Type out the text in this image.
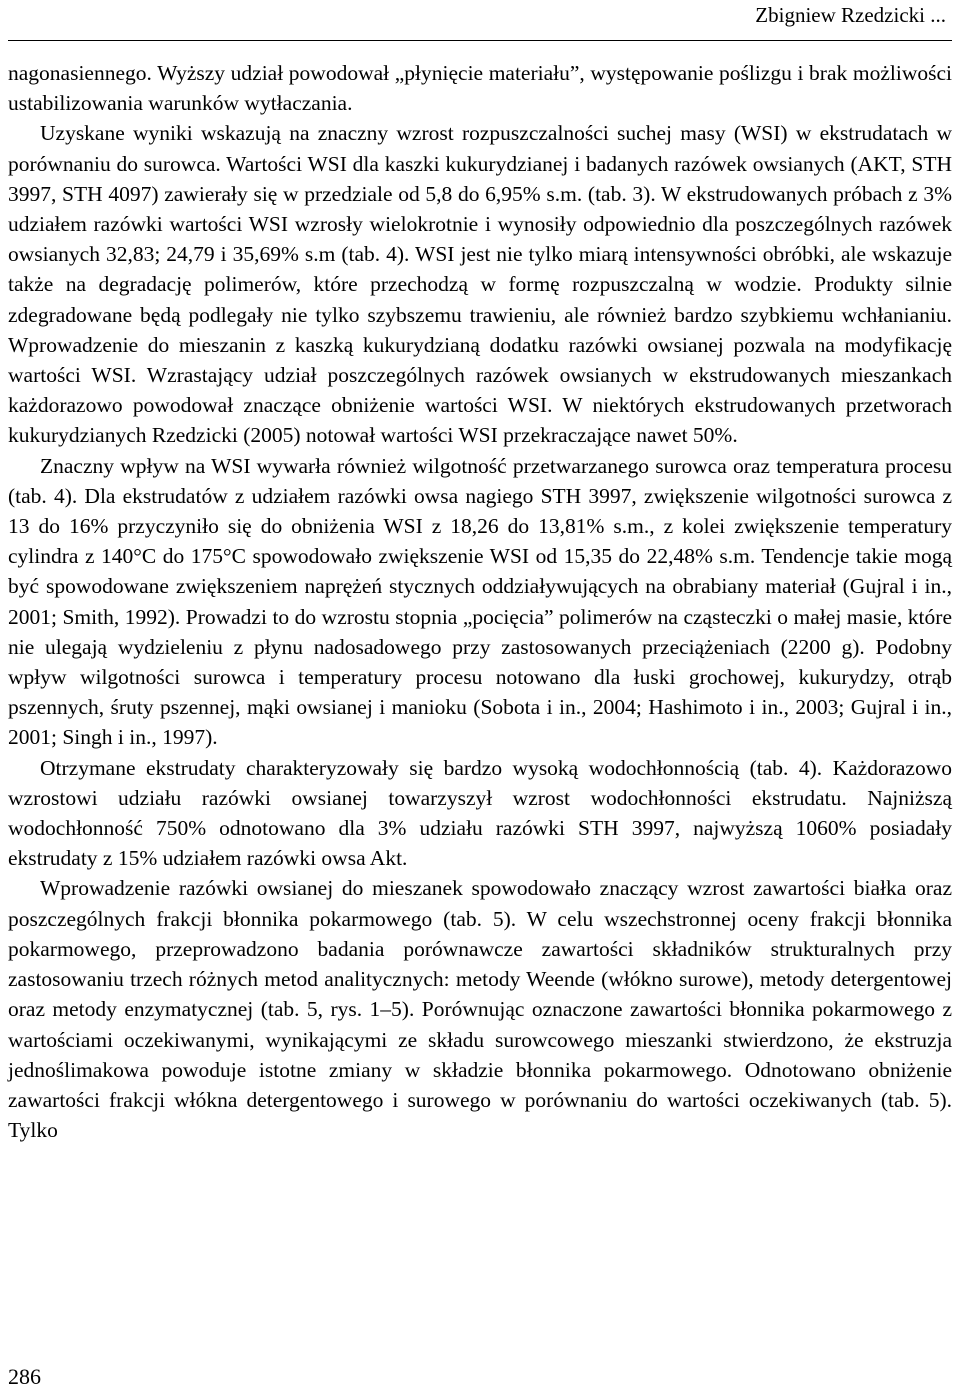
Zbigniew Rzedzicki ...

nagonasiennego. Wyższy udział powodował „płynięcie materiału”, występowanie poślizgu i brak możliwości ustabilizowania warunków wytłaczania.

Uzyskane wyniki wskazują na znaczny wzrost rozpuszczalności suchej masy (WSI) w ekstrudatach w porównaniu do surowca. Wartości WSI dla kaszki kukurydzianej i badanych razówek owsianych (AKT, STH 3997, STH 4097) zawierały się w przedziale od 5,8 do 6,95% s.m. (tab. 3). W ekstrudowanych próbach z 3% udziałem razówki wartości WSI wzrosły wielokrotnie i wynosiły odpowiednio dla poszczególnych razówek owsianych 32,83; 24,79 i 35,69% s.m (tab. 4). WSI jest nie tylko miarą intensywności obróbki, ale wskazuje także na degradację polimerów, które przechodzą w formę rozpuszczalną w wodzie. Produkty silnie zdegradowane będą podlegały nie tylko szybszemu trawieniu, ale również bardzo szybkiemu wchłanianiu. Wprowadzenie do mieszanin z kaszką kukurydzianą dodatku razówki owsianej pozwala na modyfikację wartości WSI. Wzrastający udział poszczególnych razówek owsianych w ekstrudowanych mieszankach każdorazowo powodował znaczące obniżenie wartości WSI. W niektórych ekstrudowanych przetworach kukurydzianych Rzedzicki (2005) notował wartości WSI przekraczające nawet 50%.

Znaczny wpływ na WSI wywarła również wilgotność przetwarzanego surowca oraz temperatura procesu (tab. 4). Dla ekstrudatów z udziałem razówki owsa nagiego STH 3997, zwiększenie wilgotności surowca z 13 do 16% przyczyniło się do obniżenia WSI z 18,26 do 13,81% s.m., z kolei zwiększenie temperatury cylindra z 140°C do 175°C spowodowało zwiększenie WSI od 15,35 do 22,48% s.m. Tendencje takie mogą być spowodowane zwiększeniem naprężeń stycznych oddziaływujących na obrabiany materiał (Gujral i in., 2001; Smith, 1992). Prowadzi to do wzrostu stopnia „pocięcia” polimerów na cząsteczki o małej masie, które nie ulegają wydzieleniu z płynu nadosadowego przy zastosowanych przeciążeniach (2200 g). Podobny wpływ wilgotności surowca i temperatury procesu notowano dla łuski grochowej, kukurydzy, otrąb pszennych, śruty pszennej, mąki owsianej i manioku (Sobota i in., 2004; Hashimoto i in., 2003; Gujral i in., 2001; Singh i in., 1997).

Otrzymane ekstrudaty charakteryzowały się bardzo wysoką wodochłonnością (tab. 4). Każdorazowo wzrostowi udziału razówki owsianej towarzyszył wzrost wodochłonności ekstrudatu. Najniższą wodochłonność 750% odnotowano dla 3% udziału razówki STH 3997, najwyższą 1060% posiadały ekstrudaty z 15% udziałem razówki owsa Akt.

Wprowadzenie razówki owsianej do mieszanek spowodowało znaczący wzrost zawartości białka oraz poszczególnych frakcji błonnika pokarmowego (tab. 5). W celu wszechstronnej oceny frakcji błonnika pokarmowego, przeprowadzono badania porównawcze zawartości składników strukturalnych przy zastosowaniu trzech różnych metod analitycznych: metody Weende (włókno surowe), metody detergentowej oraz metody enzymatycznej (tab. 5, rys. 1–5). Porównując oznaczone zawartości błonnika pokarmowego z wartościami oczekiwanymi, wynikającymi ze składu surowcowego mieszanki stwierdzono, że ekstruzja jednoślimakowa powoduje istotne zmiany w składzie błonnika pokarmowego. Odnotowano obniżenie zawartości frakcji włókna detergentowego i surowego w porównaniu do wartości oczekiwanych (tab. 5). Tylko

286
